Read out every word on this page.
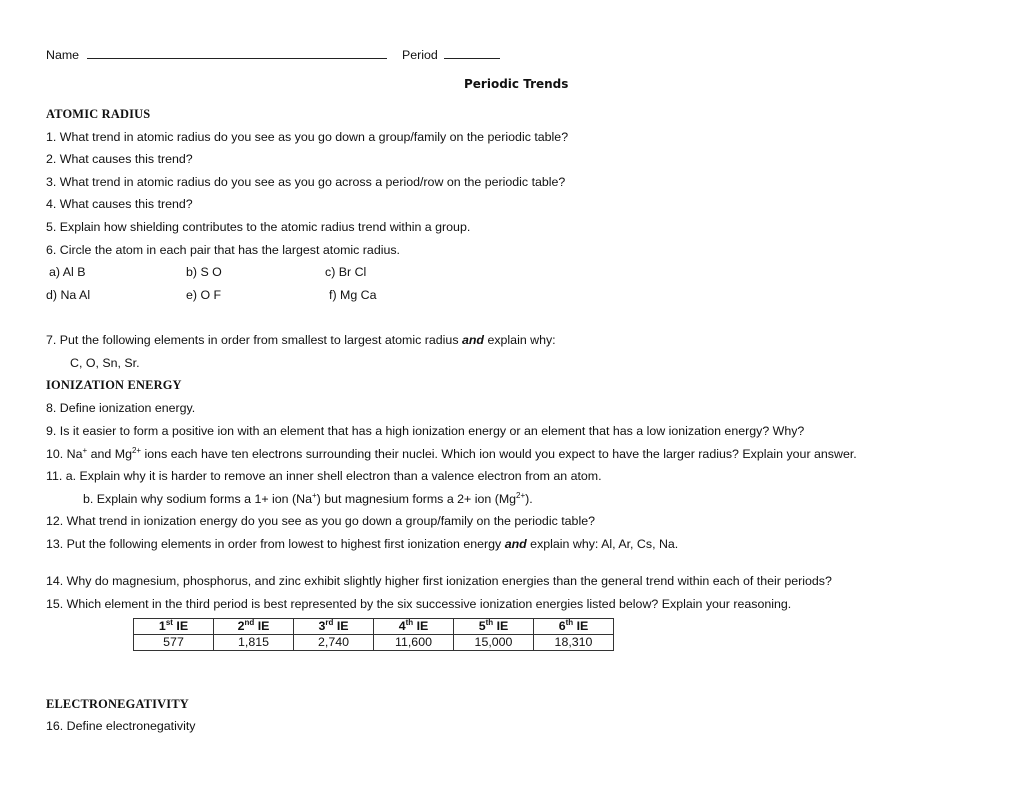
Name	Period
Periodic Trends
ATOMIC RADIUS
1. What trend in atomic radius do you see as you go down a group/family on the periodic table?
2. What causes this trend?
3. What trend in atomic radius do you see as you go across a period/row on the periodic table?
4. What causes this trend?
5. Explain how shielding contributes to the atomic radius trend within a group.
6. Circle the atom in each pair that has the largest atomic radius.
a) Al B	b) S O	c) Br Cl
d) Na Al	e) O F	f) Mg Ca
7. Put the following elements in order from smallest to largest atomic radius and explain why:
C, O, Sn, Sr.
IONIZATION ENERGY
8. Define ionization energy.
9. Is it easier to form a positive ion with an element that has a high ionization energy or an element that has a low ionization energy? Why?
10. Na+ and $Mg^{2+}$ ions each have ten electrons surrounding their nuclei. Which ion would you expect to have the larger radius? Explain your answer.
11. a. Explain why it is harder to remove an inner shell electron than a valence electron from an atom.
b. Explain why sodium forms a 1+ ion (Na+) but magnesium forms a 2+ ion $(Mg^{2+})$.
12. What trend in ionization energy do you see as you go down a group/family on the periodic table?
13. Put the following elements in order from lowest to highest first ionization energy and explain why: Al, Ar, Cs, Na.
14. Why do magnesium, phosphorus, and zinc exhibit slightly higher first ionization energies than the general trend within each of their periods?
15. Which element in the third period is best represented by the six successive ionization energies listed below? Explain your reasoning.
1st IE	2nd IE	3rd IE	4th IE	5th IE	6th IE
577	1,815	2,740	11,600	15,000	18,310
ELECTRONEGATIVITY
16. Define electronegativity
